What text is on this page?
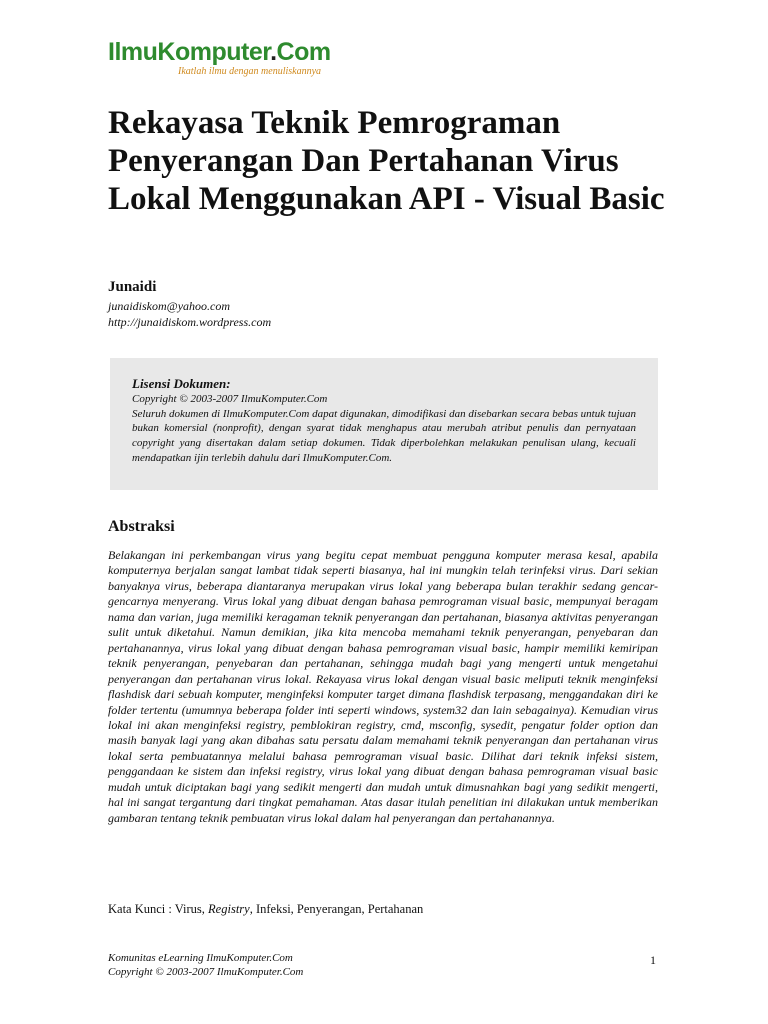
IlmuKomputer.Com
Ikatlah ilmu dengan menuliskannya
Rekayasa Teknik Pemrograman Penyerangan Dan Pertahanan Virus Lokal Menggunakan API - Visual Basic
Junaidi
junaidiskom@yahoo.com
http://junaidiskom.wordpress.com
Lisensi Dokumen:
Copyright © 2003-2007 IlmuKomputer.Com
Seluruh dokumen di IlmuKomputer.Com dapat digunakan, dimodifikasi dan disebarkan secara bebas untuk tujuan bukan komersial (nonprofit), dengan syarat tidak menghapus atau merubah atribut penulis dan pernyataan copyright yang disertakan dalam setiap dokumen. Tidak diperbolehkan melakukan penulisan ulang, kecuali mendapatkan ijin terlebih dahulu dari IlmuKomputer.Com.
Abstraksi

Belakangan ini perkembangan virus yang begitu cepat membuat pengguna komputer merasa kesal, apabila komputernya berjalan sangat lambat tidak seperti biasanya, hal ini mungkin telah terinfeksi virus. Dari sekian banyaknya virus, beberapa diantaranya merupakan virus lokal yang beberapa bulan terakhir sedang gencar-gencarnya menyerang. Virus lokal yang dibuat dengan bahasa pemrograman visual basic, mempunyai beragam nama dan varian, juga memiliki keragaman teknik penyerangan dan pertahanan, biasanya aktivitas penyerangan sulit untuk diketahui. Namun demikian, jika kita mencoba memahami teknik penyerangan, penyebaran dan pertahanannya, virus lokal yang dibuat dengan bahasa pemrograman visual basic, hampir memiliki kemiripan teknik penyerangan, penyebaran dan pertahanan, sehingga mudah bagi yang mengerti untuk mengetahui penyerangan dan pertahanan virus lokal. Rekayasa virus lokal dengan visual basic meliputi teknik menginfeksi flashdisk dari sebuah komputer, menginfeksi komputer target dimana flashdisk terpasang, menggandakan diri ke folder tertentu (umumnya beberapa folder inti seperti windows, system32 dan lain sebagainya). Kemudian virus lokal ini akan menginfeksi registry, pemblokiran registry, cmd, msconfig, sysedit, pengatur folder option dan masih banyak lagi yang akan dibahas satu persatu dalam memahami teknik penyerangan dan pertahanan virus lokal serta pembuatannya melalui bahasa pemrograman visual basic. Dilihat dari teknik infeksi sistem, penggandaan ke sistem dan infeksi registry, virus lokal yang dibuat dengan bahasa pemrograman visual basic mudah untuk diciptakan bagi yang sedikit mengerti dan mudah untuk dimusnahkan bagi yang sedikit mengerti, hal ini sangat tergantung dari tingkat pemahaman. Atas dasar itulah penelitian ini dilakukan untuk memberikan gambaran tentang teknik pembuatan virus lokal dalam hal penyerangan dan pertahanannya.

Kata Kunci : Virus, Registry, Infeksi, Penyerangan, Pertahanan
Komunitas eLearning IlmuKomputer.Com
Copyright © 2003-2007 IlmuKomputer.Com
1
